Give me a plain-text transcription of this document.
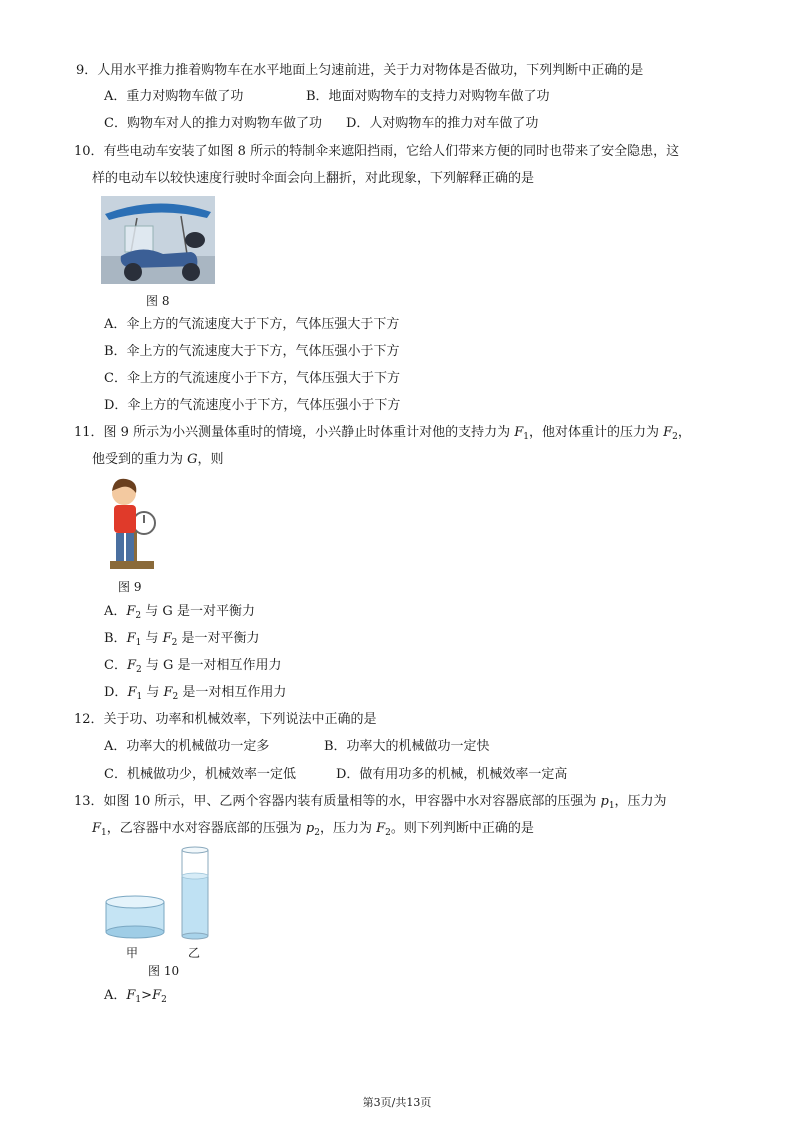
9．人用水平推力推着购物车在水平地面上匀速前进，关于力对物体是否做功，下列判断中正确的是
A．重力对购物车做了功	B．地面对购物车的支持力对购物车做了功
C．购物车对人的推力对购物车做了功 D．人对购物车的推力对车做了功
10．有些电动车安装了如图 8 所示的特制伞来遮阳挡雨，它给人们带来方便的同时也带来了安全隐患，这
样的电动车以较快速度行驶时伞面会向上翻折，对此现象，下列解释正确的是
图 8
A．伞上方的气流速度大于下方，气体压强大于下方
B．伞上方的气流速度大于下方，气体压强小于下方
C．伞上方的气流速度小于下方，气体压强大于下方
D．伞上方的气流速度小于下方，气体压强小于下方
11．图 9 所示为小兴测量体重时的情境，小兴静止时体重计对他的支持力为 $F_1$，他对体重计的压力为 $F_2$，
他受到的重力为 G，则
图 9
A．$F_2$ 与 G 是一对平衡力
B．$F_1$ 与 $F_2$ 是一对平衡力
C．$F_2$ 与 G 是一对相互作用力
D．$F_1$ 与 $F_2$ 是一对相互作用力
12．关于功、功率和机械效率，下列说法中正确的是
A．功率大的机械做功一定多	B．功率大的机械做功一定快
C．机械做功少，机械效率一定低	D．做有用功多的机械，机械效率一定高
13．如图 10 所示，甲、乙两个容器内装有质量相等的水，甲容器中水对容器底部的压强为 $p_1$，压力为
$F_1$，乙容器中水对容器底部的压强为 $p_2$，压力为 $F_2$。则下列判断中正确的是
甲	乙
图 10
A．$F_1>F_2$
第3页/共13页
